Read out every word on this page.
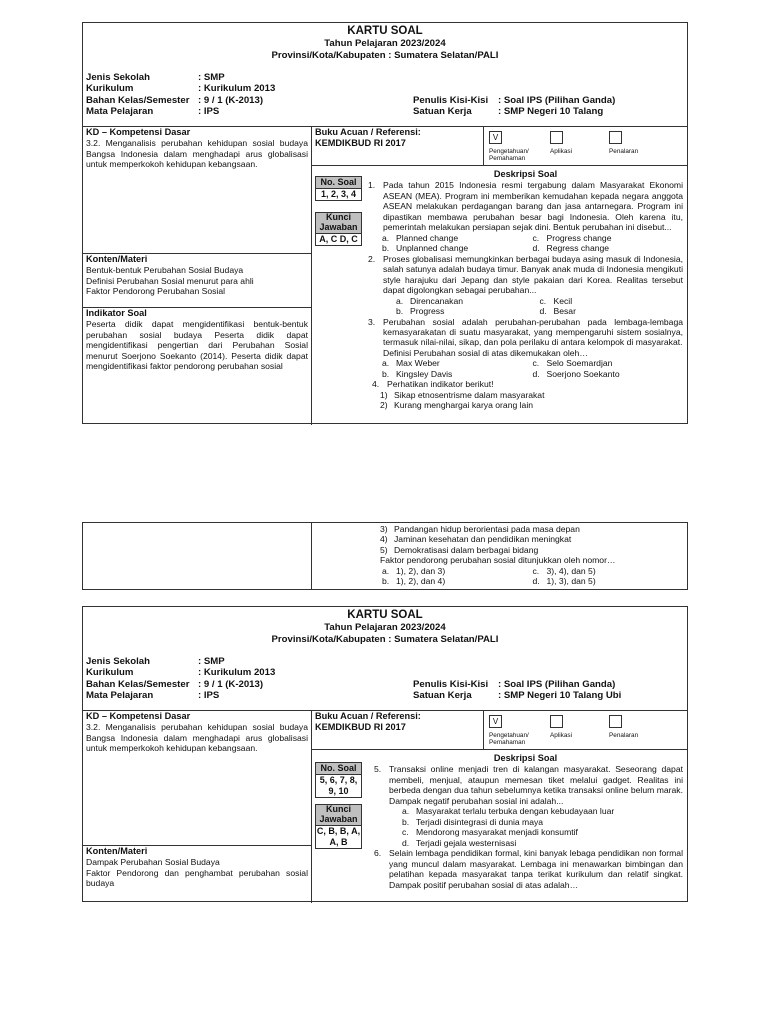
KARTU SOAL
Tahun Pelajaran 2023/2024
Provinsi/Kota/Kabupaten : Sumatera Selatan/PALI
Jenis Sekolah	: SMP
Kurikulum	: Kurikulum 2013
Bahan Kelas/Semester : 9 / 1 (K-2013)
Mata Pelajaran	: IPS
Penulis Kisi-Kisi : Soal IPS (Pilihan Ganda)
Satuan Kerja	: SMP Negeri 10 Talang
KD – Kompetensi Dasar
3.2. Menganalisis perubahan kehidupan sosial budaya Bangsa Indonesia dalam menghadapi arus globalisasi untuk memperkokoh kehidupan kebangsaan.
Konten/Materi
Bentuk-bentuk Perubahan Sosial Budaya
Definisi Perubahan Sosial menurut para ahli
Faktor Pendorong Perubahan Sosial
Indikator Soal
Peserta didik dapat mengidentifikasi bentuk-bentuk perubahan sosial budaya Peserta didik dapat mengidentifikasi pengertian dari Perubahan Sosial menurut Soerjono Soekanto (2014). Peserta didik dapat mengidentifikasi faktor pendorong perubahan sosial
Buku Acuan / Referensi:
KEMDIKBUD RI 2017
V
Pengetahuan/ Pemahaman
Aplikasi	Penalaran
No. Soal
1, 2, 3, 4
Kunci Jawaban
A, C D, C
Deskripsi Soal
1. Pada tahun 2015 Indonesia resmi tergabung dalam Masyarakat Ekonomi ASEAN (MEA). Program ini memberikan kemudahan kepada negara anggota ASEAN melakukan perdagangan barang dan jasa antarnegara. Program ini dipastikan membawa perubahan besar bagi Indonesia. Oleh karena itu, pemerintah melakukan persiapan sejak dini. Bentuk perubahan ini disebut...
a. Planned change	c. Progress change
b. Unplanned change	d. Regress change
2. Proses globalisasi memungkinkan berbagai budaya asing masuk di Indonesia, salah satunya adalah budaya timur. Banyak anak muda di Indonesia mengikuti style harajuku dari Jepang dan style pakaian dari Korea. Realitas tersebut dapat digolongkan sebagai perubahan...
a. Direncanakan	c. Kecil
b. Progress	d. Besar
3. Perubahan sosial adalah perubahan-perubahan pada lembaga-lembaga kemasyarakatan di suatu masyarakat, yang mempengaruhi sistem sosialnya, termasuk nilai-nilai, sikap, dan pola perilaku di antara kelompok di masyarakat.
Definisi Perubahan sosial di atas dikemukakan oleh…
a. Max Weber	c. Selo Soemardjan
b. Kingsley Davis	d. Soerjono Soekanto
4. Perhatikan indikator berikut!
1) Sikap etnosentrisme dalam masyarakat
2) Kurang menghargai karya orang lain
3) Pandangan hidup berorientasi pada masa depan
4) Jaminan kesehatan dan pendidikan meningkat
5) Demokratisasi dalam berbagai bidang
Faktor pendorong perubahan sosial ditunjukkan oleh nomor…
a. 1), 2), dan 3)	c. 3), 4), dan 5)
b. 1), 2), dan 4)	d. 1), 3), dan 5)
KARTU SOAL
Tahun Pelajaran 2023/2024
Provinsi/Kota/Kabupaten : Sumatera Selatan/PALI
Jenis Sekolah	: SMP
Kurikulum	: Kurikulum 2013
Bahan Kelas/Semester : 9 / 1 (K-2013)
Mata Pelajaran	: IPS
Penulis Kisi-Kisi : Soal IPS (Pilihan Ganda)
Satuan Kerja	: SMP Negeri 10 Talang Ubi
KD – Kompetensi Dasar
3.2. Menganalisis perubahan kehidupan sosial budaya Bangsa Indonesia dalam menghadapi arus globalisasi untuk memperkokoh kehidupan kebangsaan.
Konten/Materi
Dampak Perubahan Sosial Budaya
Faktor Pendorong dan penghambat perubahan sosial budaya
Buku Acuan / Referensi:
KEMDIKBUD RI 2017
V
Pengetahuan/ Pemahaman
Aplikasi	Penalaran
No. Soal
5, 6, 7, 8, 9, 10
Kunci Jawaban
C, B, B, A, A, B
Deskripsi Soal
5. Transaksi online menjadi tren di kalangan masyarakat. Seseorang dapat membeli, menjual, ataupun memesan tiket melalui gadget. Realitas ini berbeda dengan dua tahun sebelumnya ketika transaksi online belum marak. Dampak negatif perubahan sosial ini adalah...
a. Masyarakat terlalu terbuka dengan kebudayaan luar
b. Terjadi disintegrasi di dunia maya
c. Mendorong masyarakat menjadi konsumtif
d. Terjadi gejala westernisasi
6. Selain lembaga pendidikan formal, kini banyak lebaga pendidikan non formal yang muncul dalam masyarakat. Lembaga ini menawarkan bimbingan dan pelatihan kepada masyarakat tanpa terikat kurikulum dan relatif singkat. Dampak positif perubahan sosial di atas adalah…
